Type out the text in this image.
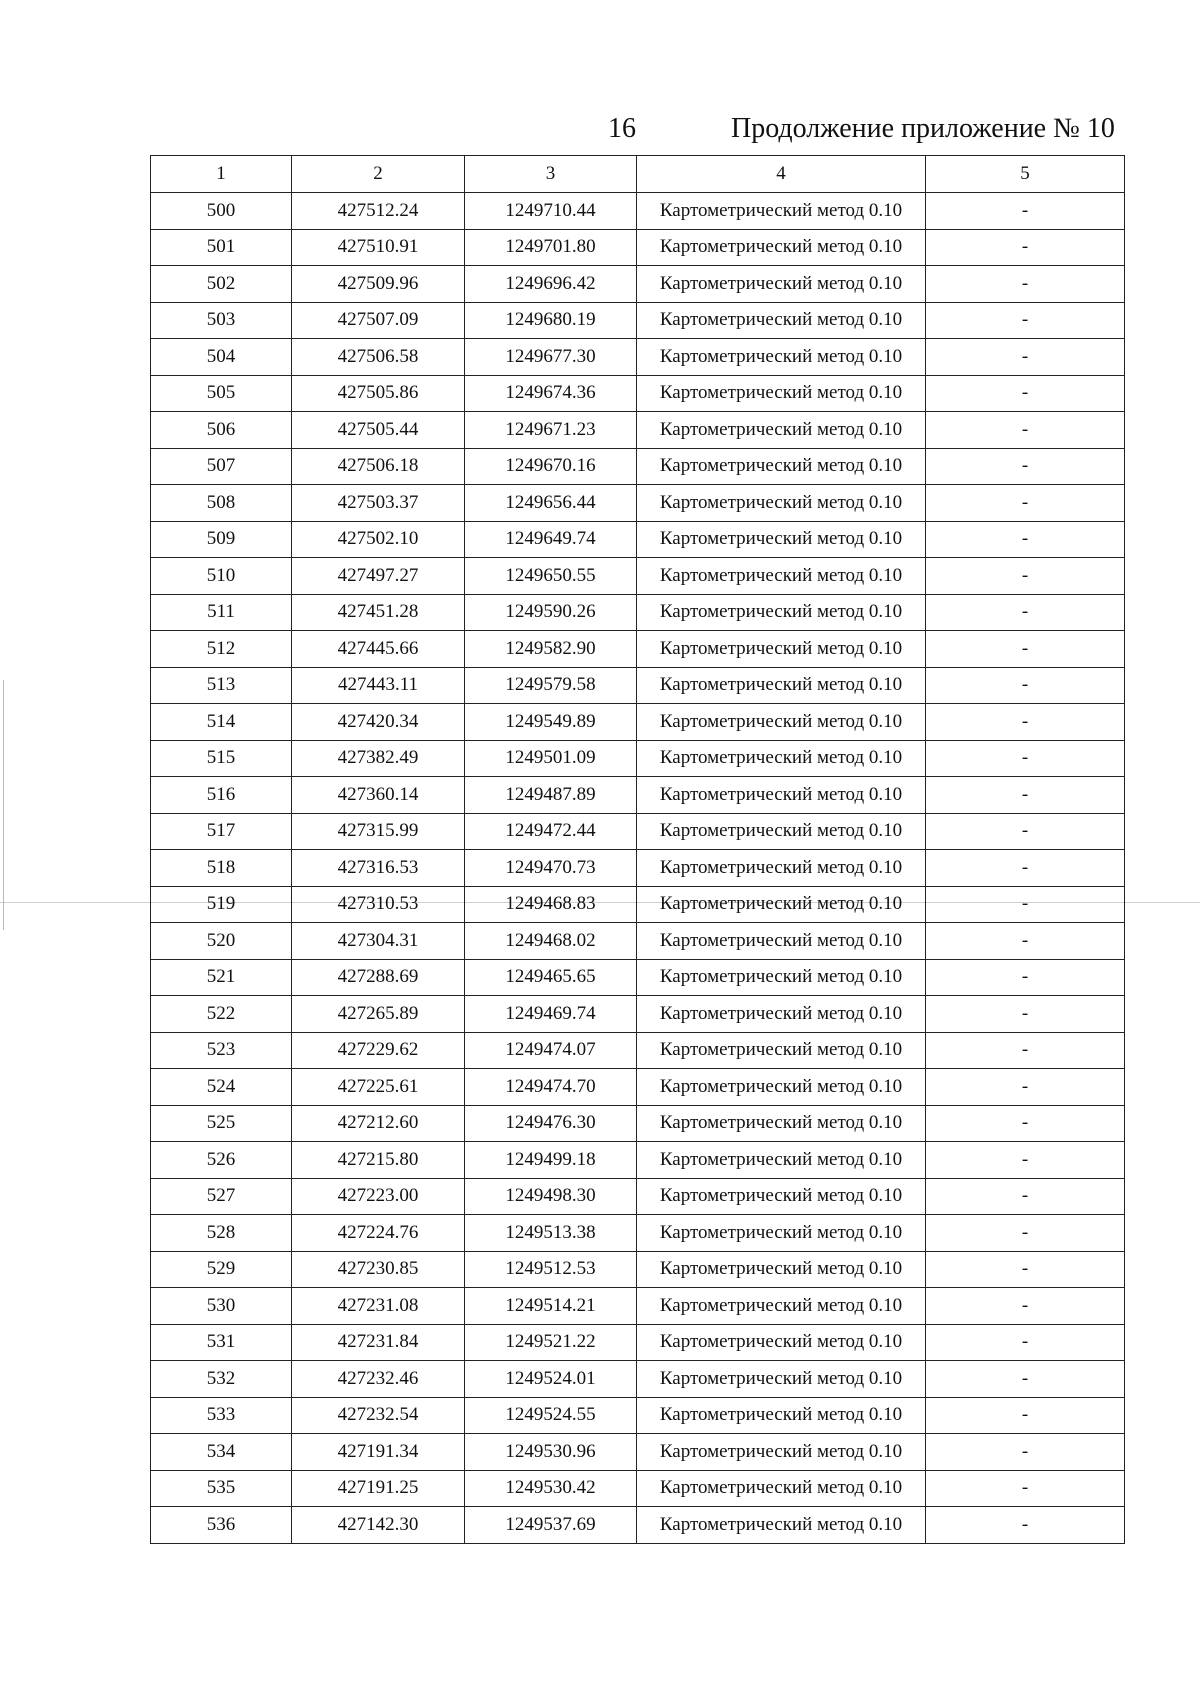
16	Продолжение приложение № 10
1	2	3	4	5
500	427512.24	1249710.44	Картометрический метод 0.10	-
501	427510.91	1249701.80	Картометрический метод 0.10	-
502	427509.96	1249696.42	Картометрический метод 0.10	-
503	427507.09	1249680.19	Картометрический метод 0.10	-
504	427506.58	1249677.30	Картометрический метод 0.10	-
505	427505.86	1249674.36	Картометрический метод 0.10	-
506	427505.44	1249671.23	Картометрический метод 0.10	-
507	427506.18	1249670.16	Картометрический метод 0.10	-
508	427503.37	1249656.44	Картометрический метод 0.10	-
509	427502.10	1249649.74	Картометрический метод 0.10	-
510	427497.27	1249650.55	Картометрический метод 0.10	-
511	427451.28	1249590.26	Картометрический метод 0.10	-
512	427445.66	1249582.90	Картометрический метод 0.10	-
513	427443.11	1249579.58	Картометрический метод 0.10	-
514	427420.34	1249549.89	Картометрический метод 0.10	-
515	427382.49	1249501.09	Картометрический метод 0.10	-
516	427360.14	1249487.89	Картометрический метод 0.10	-
517	427315.99	1249472.44	Картометрический метод 0.10	-
518	427316.53	1249470.73	Картометрический метод 0.10	-
519	427310.53	1249468.83	Картометрический метод 0.10	-
520	427304.31	1249468.02	Картометрический метод 0.10	-
521	427288.69	1249465.65	Картометрический метод 0.10	-
522	427265.89	1249469.74	Картометрический метод 0.10	-
523	427229.62	1249474.07	Картометрический метод 0.10	-
524	427225.61	1249474.70	Картометрический метод 0.10	-
525	427212.60	1249476.30	Картометрический метод 0.10	-
526	427215.80	1249499.18	Картометрический метод 0.10	-
527	427223.00	1249498.30	Картометрический метод 0.10	-
528	427224.76	1249513.38	Картометрический метод 0.10	-
529	427230.85	1249512.53	Картометрический метод 0.10	-
530	427231.08	1249514.21	Картометрический метод 0.10	-
531	427231.84	1249521.22	Картометрический метод 0.10	-
532	427232.46	1249524.01	Картометрический метод 0.10	-
533	427232.54	1249524.55	Картометрический метод 0.10	-
534	427191.34	1249530.96	Картометрический метод 0.10	-
535	427191.25	1249530.42	Картометрический метод 0.10	-
536	427142.30	1249537.69	Картометрический метод 0.10	-
